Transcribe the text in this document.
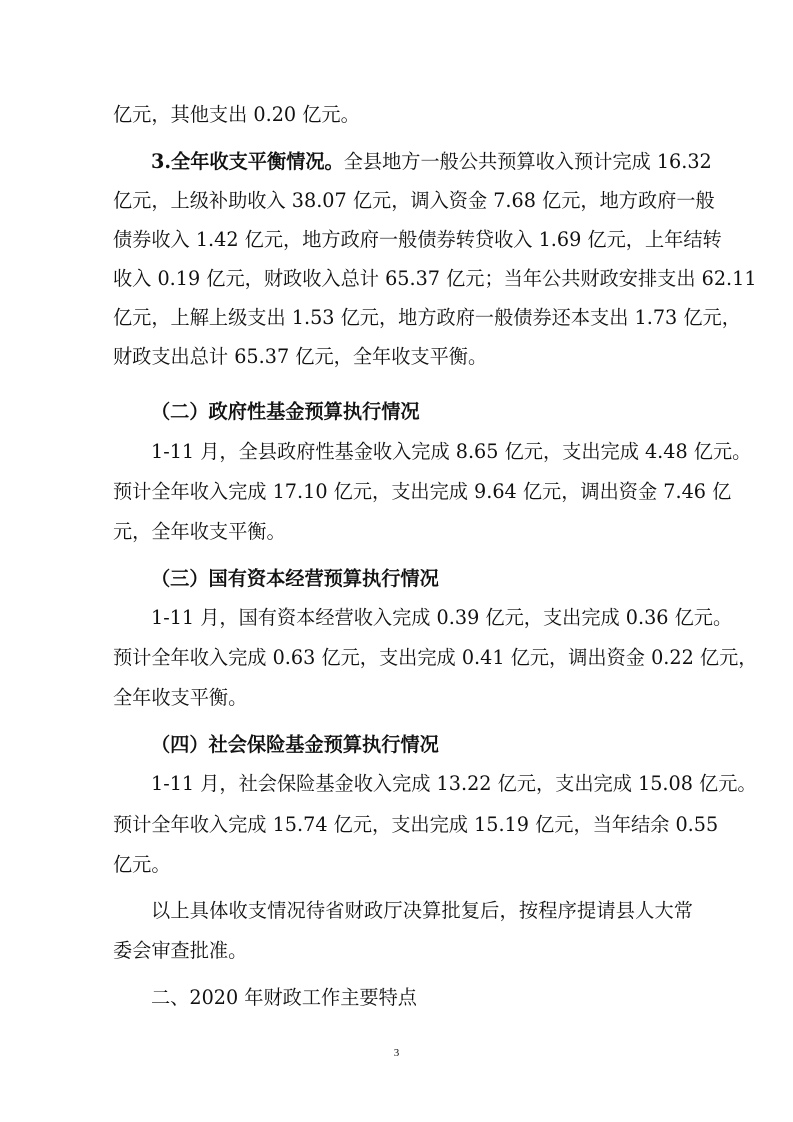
亿元，其他支出 0.20 亿元。
3.全年收支平衡情况。全县地方一般公共预算收入预计完成 16.32
亿元，上级补助收入 38.07 亿元，调入资金 7.68 亿元，地方政府一般
债券收入 1.42 亿元，地方政府一般债券转贷收入 1.69 亿元，上年结转
收入 0.19 亿元，财政收入总计 65.37 亿元；当年公共财政安排支出 62.11
亿元，上解上级支出 1.53 亿元，地方政府一般债券还本支出 1.73 亿元，
财政支出总计 65.37 亿元，全年收支平衡。
（二）政府性基金预算执行情况
1-11 月，全县政府性基金收入完成 8.65 亿元，支出完成 4.48 亿元。
预计全年收入完成 17.10 亿元，支出完成 9.64 亿元，调出资金 7.46 亿
元，全年收支平衡。
（三）国有资本经营预算执行情况
1-11 月，国有资本经营收入完成 0.39 亿元，支出完成 0.36 亿元。
预计全年收入完成 0.63 亿元，支出完成 0.41 亿元，调出资金 0.22 亿元，
全年收支平衡。
（四）社会保险基金预算执行情况
1-11 月，社会保险基金收入完成 13.22 亿元，支出完成 15.08 亿元。
预计全年收入完成 15.74 亿元，支出完成 15.19 亿元，当年结余 0.55
亿元。
以上具体收支情况待省财政厅决算批复后，按程序提请县人大常
委会审查批准。
二、2020 年财政工作主要特点
3
